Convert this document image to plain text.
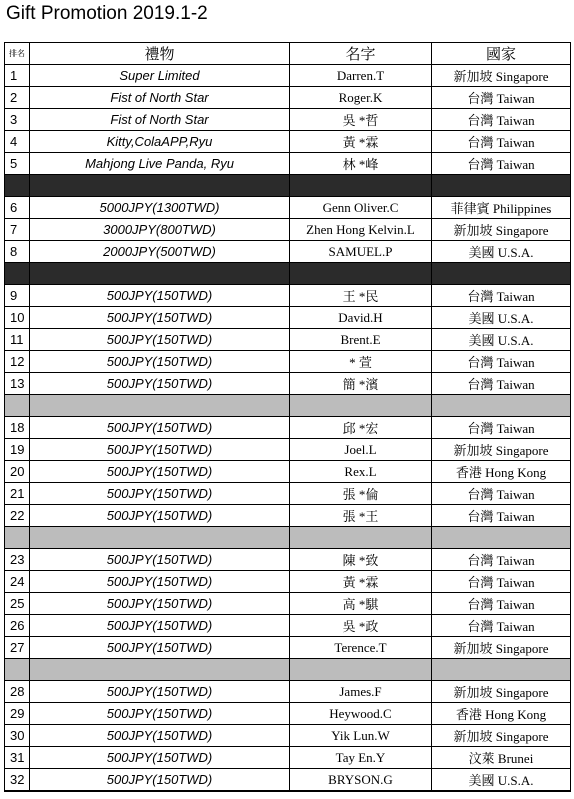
Gift Promotion 2019.1-2
排名	禮物	名字	國家
1	Super Limited	Darren.T	新加坡 Singapore
2	Fist of North Star	Roger.K	台灣 Taiwan
3	Fist of North Star	吳 *哲	台灣 Taiwan
4	Kitty,ColaAPP,Ryu	黃 *霖	台灣 Taiwan
5	Mahjong Live Panda, Ryu	林 *峰	台灣 Taiwan

6	5000JPY(1300TWD)	Genn Oliver.C	菲律賓 Philippines
7	3000JPY(800TWD)	Zhen Hong Kelvin.L	新加坡 Singapore
8	2000JPY(500TWD)	SAMUEL.P	美國 U.S.A.

9	500JPY(150TWD)	王 *民	台灣 Taiwan
10	500JPY(150TWD)	David.H	美國 U.S.A.
11	500JPY(150TWD)	Brent.E	美國 U.S.A.
12	500JPY(150TWD)	* 萱	台灣 Taiwan
13	500JPY(150TWD)	簡 *濱	台灣 Taiwan

18	500JPY(150TWD)	邱 *宏	台灣 Taiwan
19	500JPY(150TWD)	Joel.L	新加坡 Singapore
20	500JPY(150TWD)	Rex.L	香港 Hong Kong
21	500JPY(150TWD)	張 *倫	台灣 Taiwan
22	500JPY(150TWD)	張 *王	台灣 Taiwan

23	500JPY(150TWD)	陳 *致	台灣 Taiwan
24	500JPY(150TWD)	黃 *霖	台灣 Taiwan
25	500JPY(150TWD)	高 *騏	台灣 Taiwan
26	500JPY(150TWD)	吳 *政	台灣 Taiwan
27	500JPY(150TWD)	Terence.T	新加坡 Singapore

28	500JPY(150TWD)	James.F	新加坡 Singapore
29	500JPY(150TWD)	Heywood.C	香港 Hong Kong
30	500JPY(150TWD)	Yik Lun.W	新加坡 Singapore
31	500JPY(150TWD)	Tay En.Y	汶萊 Brunei
32	500JPY(150TWD)	BRYSON.G	美國 U.S.A.
